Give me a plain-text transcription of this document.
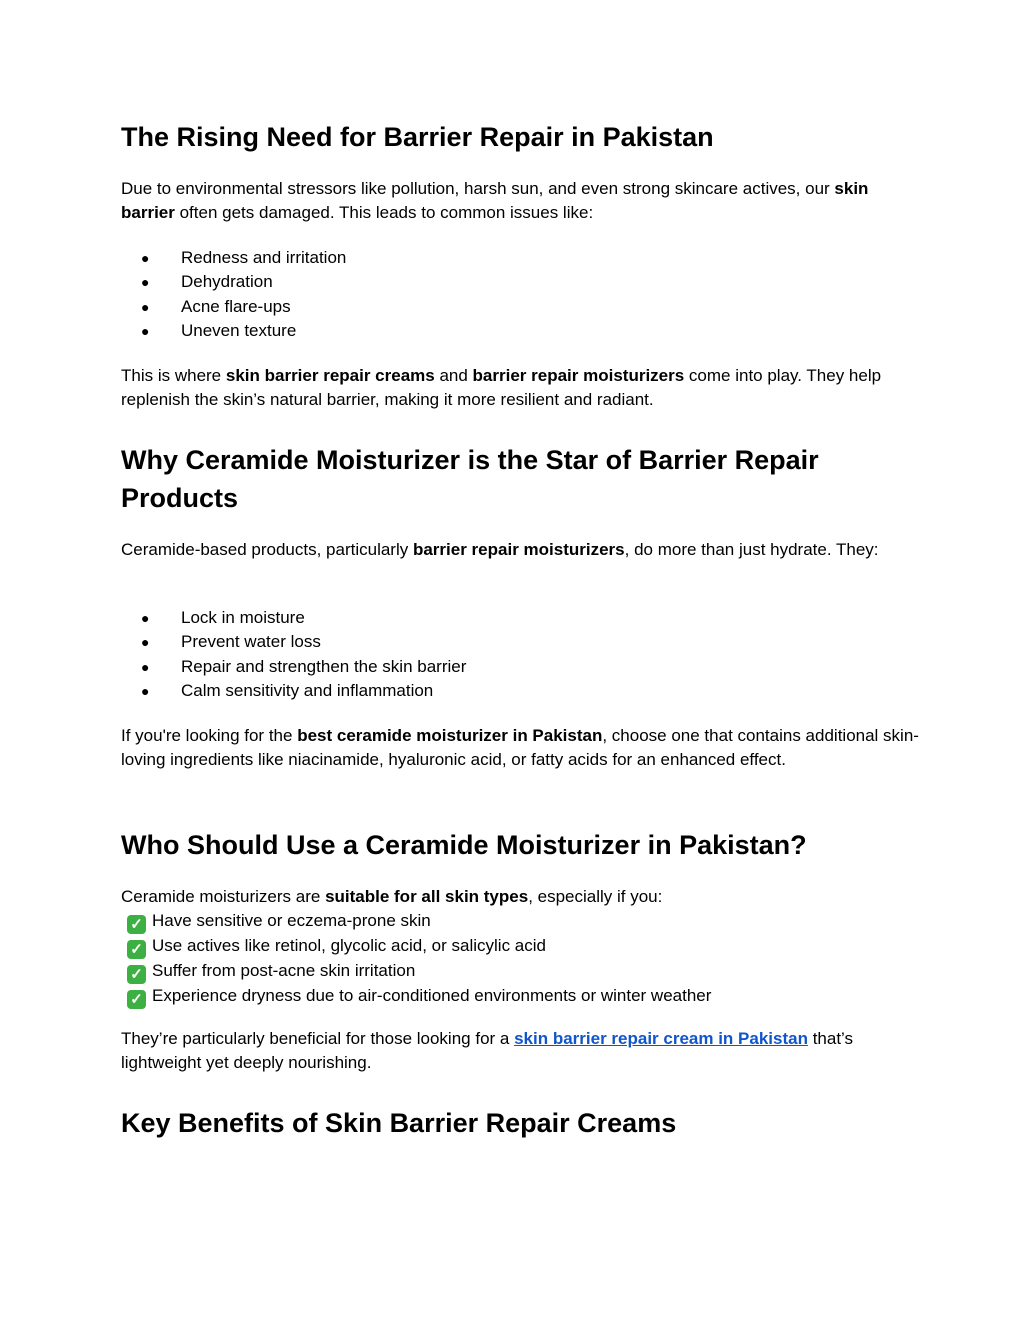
The Rising Need for Barrier Repair in Pakistan

Due to environmental stressors like pollution, harsh sun, and even strong skincare actives, our skin barrier often gets damaged. This leads to common issues like:

● Redness and irritation
● Dehydration
● Acne flare-ups
● Uneven texture

This is where skin barrier repair creams and barrier repair moisturizers come into play. They help replenish the skin’s natural barrier, making it more resilient and radiant.

Why Ceramide Moisturizer is the Star of Barrier Repair Products

Ceramide-based products, particularly barrier repair moisturizers, do more than just hydrate. They:

● Lock in moisture
● Prevent water loss
● Repair and strengthen the skin barrier
● Calm sensitivity and inflammation

If you're looking for the best ceramide moisturizer in Pakistan, choose one that contains additional skin-loving ingredients like niacinamide, hyaluronic acid, or fatty acids for an enhanced effect.

Who Should Use a Ceramide Moisturizer in Pakistan?

Ceramide moisturizers are suitable for all skin types, especially if you:
✓ Have sensitive or eczema-prone skin
✓ Use actives like retinol, glycolic acid, or salicylic acid
✓ Suffer from post-acne skin irritation
✓ Experience dryness due to air-conditioned environments or winter weather

They’re particularly beneficial for those looking for a skin barrier repair cream in Pakistan that’s lightweight yet deeply nourishing.

Key Benefits of Skin Barrier Repair Creams
